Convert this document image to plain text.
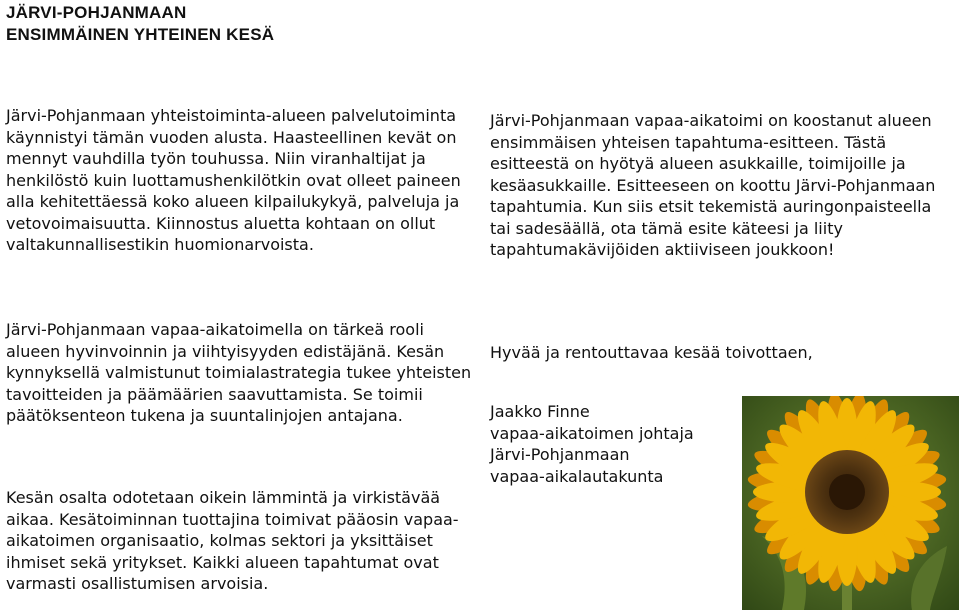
JÄRVI-POHJANMAAN
ENSIMMÄINEN YHTEINEN KESÄ

Järvi-Pohjanmaan yhteistoiminta-alueen palvelutoiminta käynnistyi tämän vuoden alusta. Haasteellinen kevät on mennyt vauhdilla työn touhussa. Niin viranhaltijat ja henkilöstö kuin luottamushenkilötkin ovat olleet paineen alla kehitettäessä koko alueen kilpailukykyä, palveluja ja vetovoimaisuutta. Kiinnostus aluetta kohtaan on ollut valtakunnallisestikin huomionarvoista.

Järvi-Pohjanmaan vapaa-aikatoimella on tärkeä rooli alueen hyvinvoinnin ja viihtyisyyden edistäjänä. Kesän kynnyksellä valmistunut toimialastrategia tukee yhteisten tavoitteiden ja päämäärien saavuttamista. Se toimii päätöksenteon tukena ja suuntalinjojen antajana.

Kesän osalta odotetaan oikein lämmintä ja virkistävää aikaa. Kesätoiminnan tuottajina toimivat pääosin vapaa-aikatoimen organisaatio, kolmas sektori ja yksittäiset ihmiset sekä yritykset. Kaikki alueen tapahtumat ovat varmasti osallistumisen arvoisia.

Järvi-Pohjanmaan vapaa-aikatoimi on koostanut alueen ensimmäisen yhteisen tapahtuma-esitteen. Tästä esitteestä on hyötyä alueen asukkaille, toimijoille ja kesäasukkaille. Esitteeseen on koottu Järvi-Pohjanmaan tapahtumia. Kun siis etsit tekemistä auringonpaisteella tai sadesäällä, ota tämä esite käteesi ja liity tapahtumakävijöiden aktiiviseen joukkoon!

Hyvää ja rentouttavaa kesää toivottaen,

Jaakko Finne
vapaa-aikatoimen johtaja
Järvi-Pohjanmaan
vapaa-aikalautakunta
